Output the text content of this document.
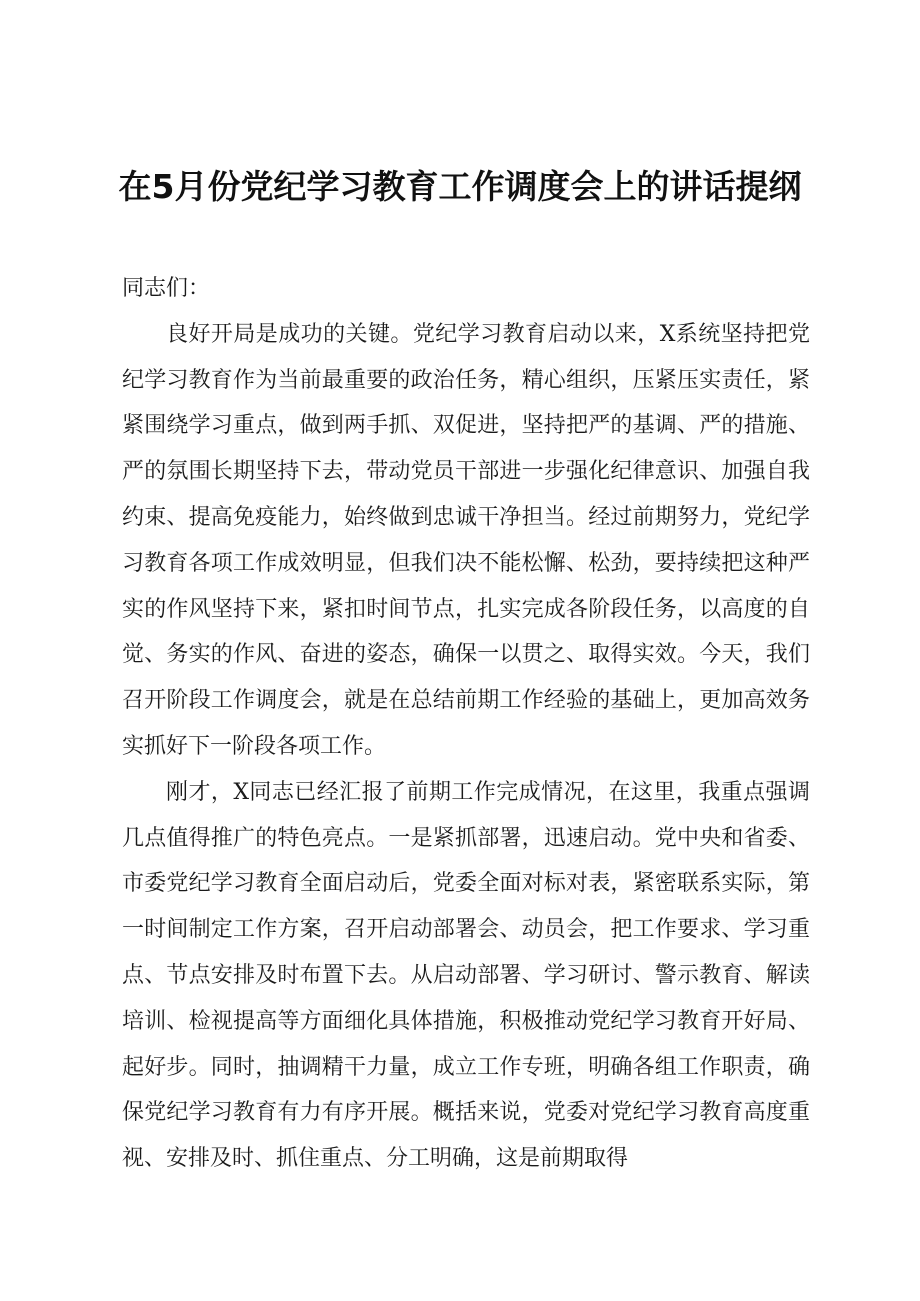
在5月份党纪学习教育工作调度会上的讲话提纲

同志们：

良好开局是成功的关键。党纪学习教育启动以来，X系统坚持把党纪学习教育作为当前最重要的政治任务，精心组织，压紧压实责任，紧紧围绕学习重点，做到两手抓、双促进，坚持把严的基调、严的措施、严的氛围长期坚持下去，带动党员干部进一步强化纪律意识、加强自我约束、提高免疫能力，始终做到忠诚干净担当。经过前期努力，党纪学习教育各项工作成效明显，但我们决不能松懈、松劲，要持续把这种严实的作风坚持下来，紧扣时间节点，扎实完成各阶段任务，以高度的自觉、务实的作风、奋进的姿态，确保一以贯之、取得实效。今天，我们召开阶段工作调度会，就是在总结前期工作经验的基础上，更加高效务实抓好下一阶段各项工作。

刚才，X同志已经汇报了前期工作完成情况，在这里，我重点强调几点值得推广的特色亮点。一是紧抓部署，迅速启动。党中央和省委、市委党纪学习教育全面启动后，党委全面对标对表，紧密联系实际，第一时间制定工作方案，召开启动部署会、动员会，把工作要求、学习重点、节点安排及时布置下去。从启动部署、学习研讨、警示教育、解读培训、检视提高等方面细化具体措施，积极推动党纪学习教育开好局、起好步。同时，抽调精干力量，成立工作专班，明确各组工作职责，确保党纪学习教育有力有序开展。概括来说，党委对党纪学习教育高度重视、安排及时、抓住重点、分工明确，这是前期取得
